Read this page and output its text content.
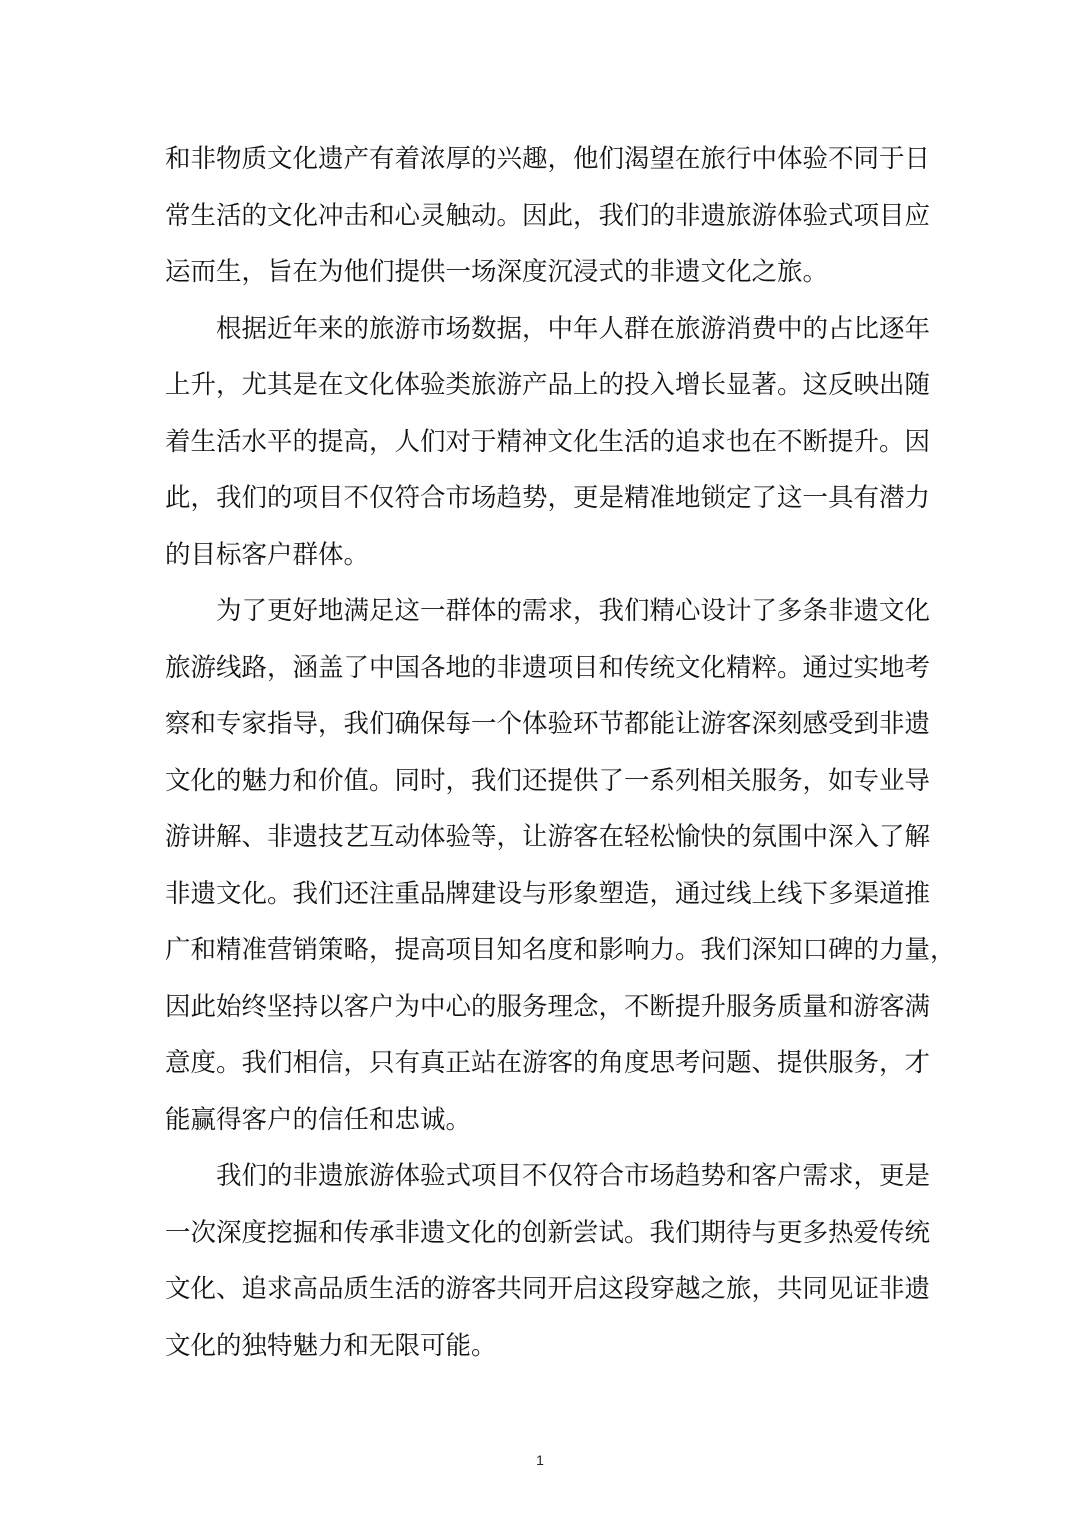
和非物质文化遗产有着浓厚的兴趣，他们渴望在旅行中体验不同于日
常生活的文化冲击和心灵触动。因此，我们的非遗旅游体验式项目应
运而生，旨在为他们提供一场深度沉浸式的非遗文化之旅。

根据近年来的旅游市场数据，中年人群在旅游消费中的占比逐年
上升，尤其是在文化体验类旅游产品上的投入增长显著。这反映出随
着生活水平的提高，人们对于精神文化生活的追求也在不断提升。因
此，我们的项目不仅符合市场趋势，更是精准地锁定了这一具有潜力
的目标客户群体。

为了更好地满足这一群体的需求，我们精心设计了多条非遗文化
旅游线路，涵盖了中国各地的非遗项目和传统文化精粹。通过实地考
察和专家指导，我们确保每一个体验环节都能让游客深刻感受到非遗
文化的魅力和价值。同时，我们还提供了一系列相关服务，如专业导
游讲解、非遗技艺互动体验等，让游客在轻松愉快的氛围中深入了解
非遗文化。我们还注重品牌建设与形象塑造，通过线上线下多渠道推
广和精准营销策略，提高项目知名度和影响力。我们深知口碑的力量，
因此始终坚持以客户为中心的服务理念，不断提升服务质量和游客满
意度。我们相信，只有真正站在游客的角度思考问题、提供服务，才
能赢得客户的信任和忠诚。

我们的非遗旅游体验式项目不仅符合市场趋势和客户需求，更是
一次深度挖掘和传承非遗文化的创新尝试。我们期待与更多热爱传统
文化、追求高品质生活的游客共同开启这段穿越之旅，共同见证非遗
文化的独特魅力和无限可能。

1
